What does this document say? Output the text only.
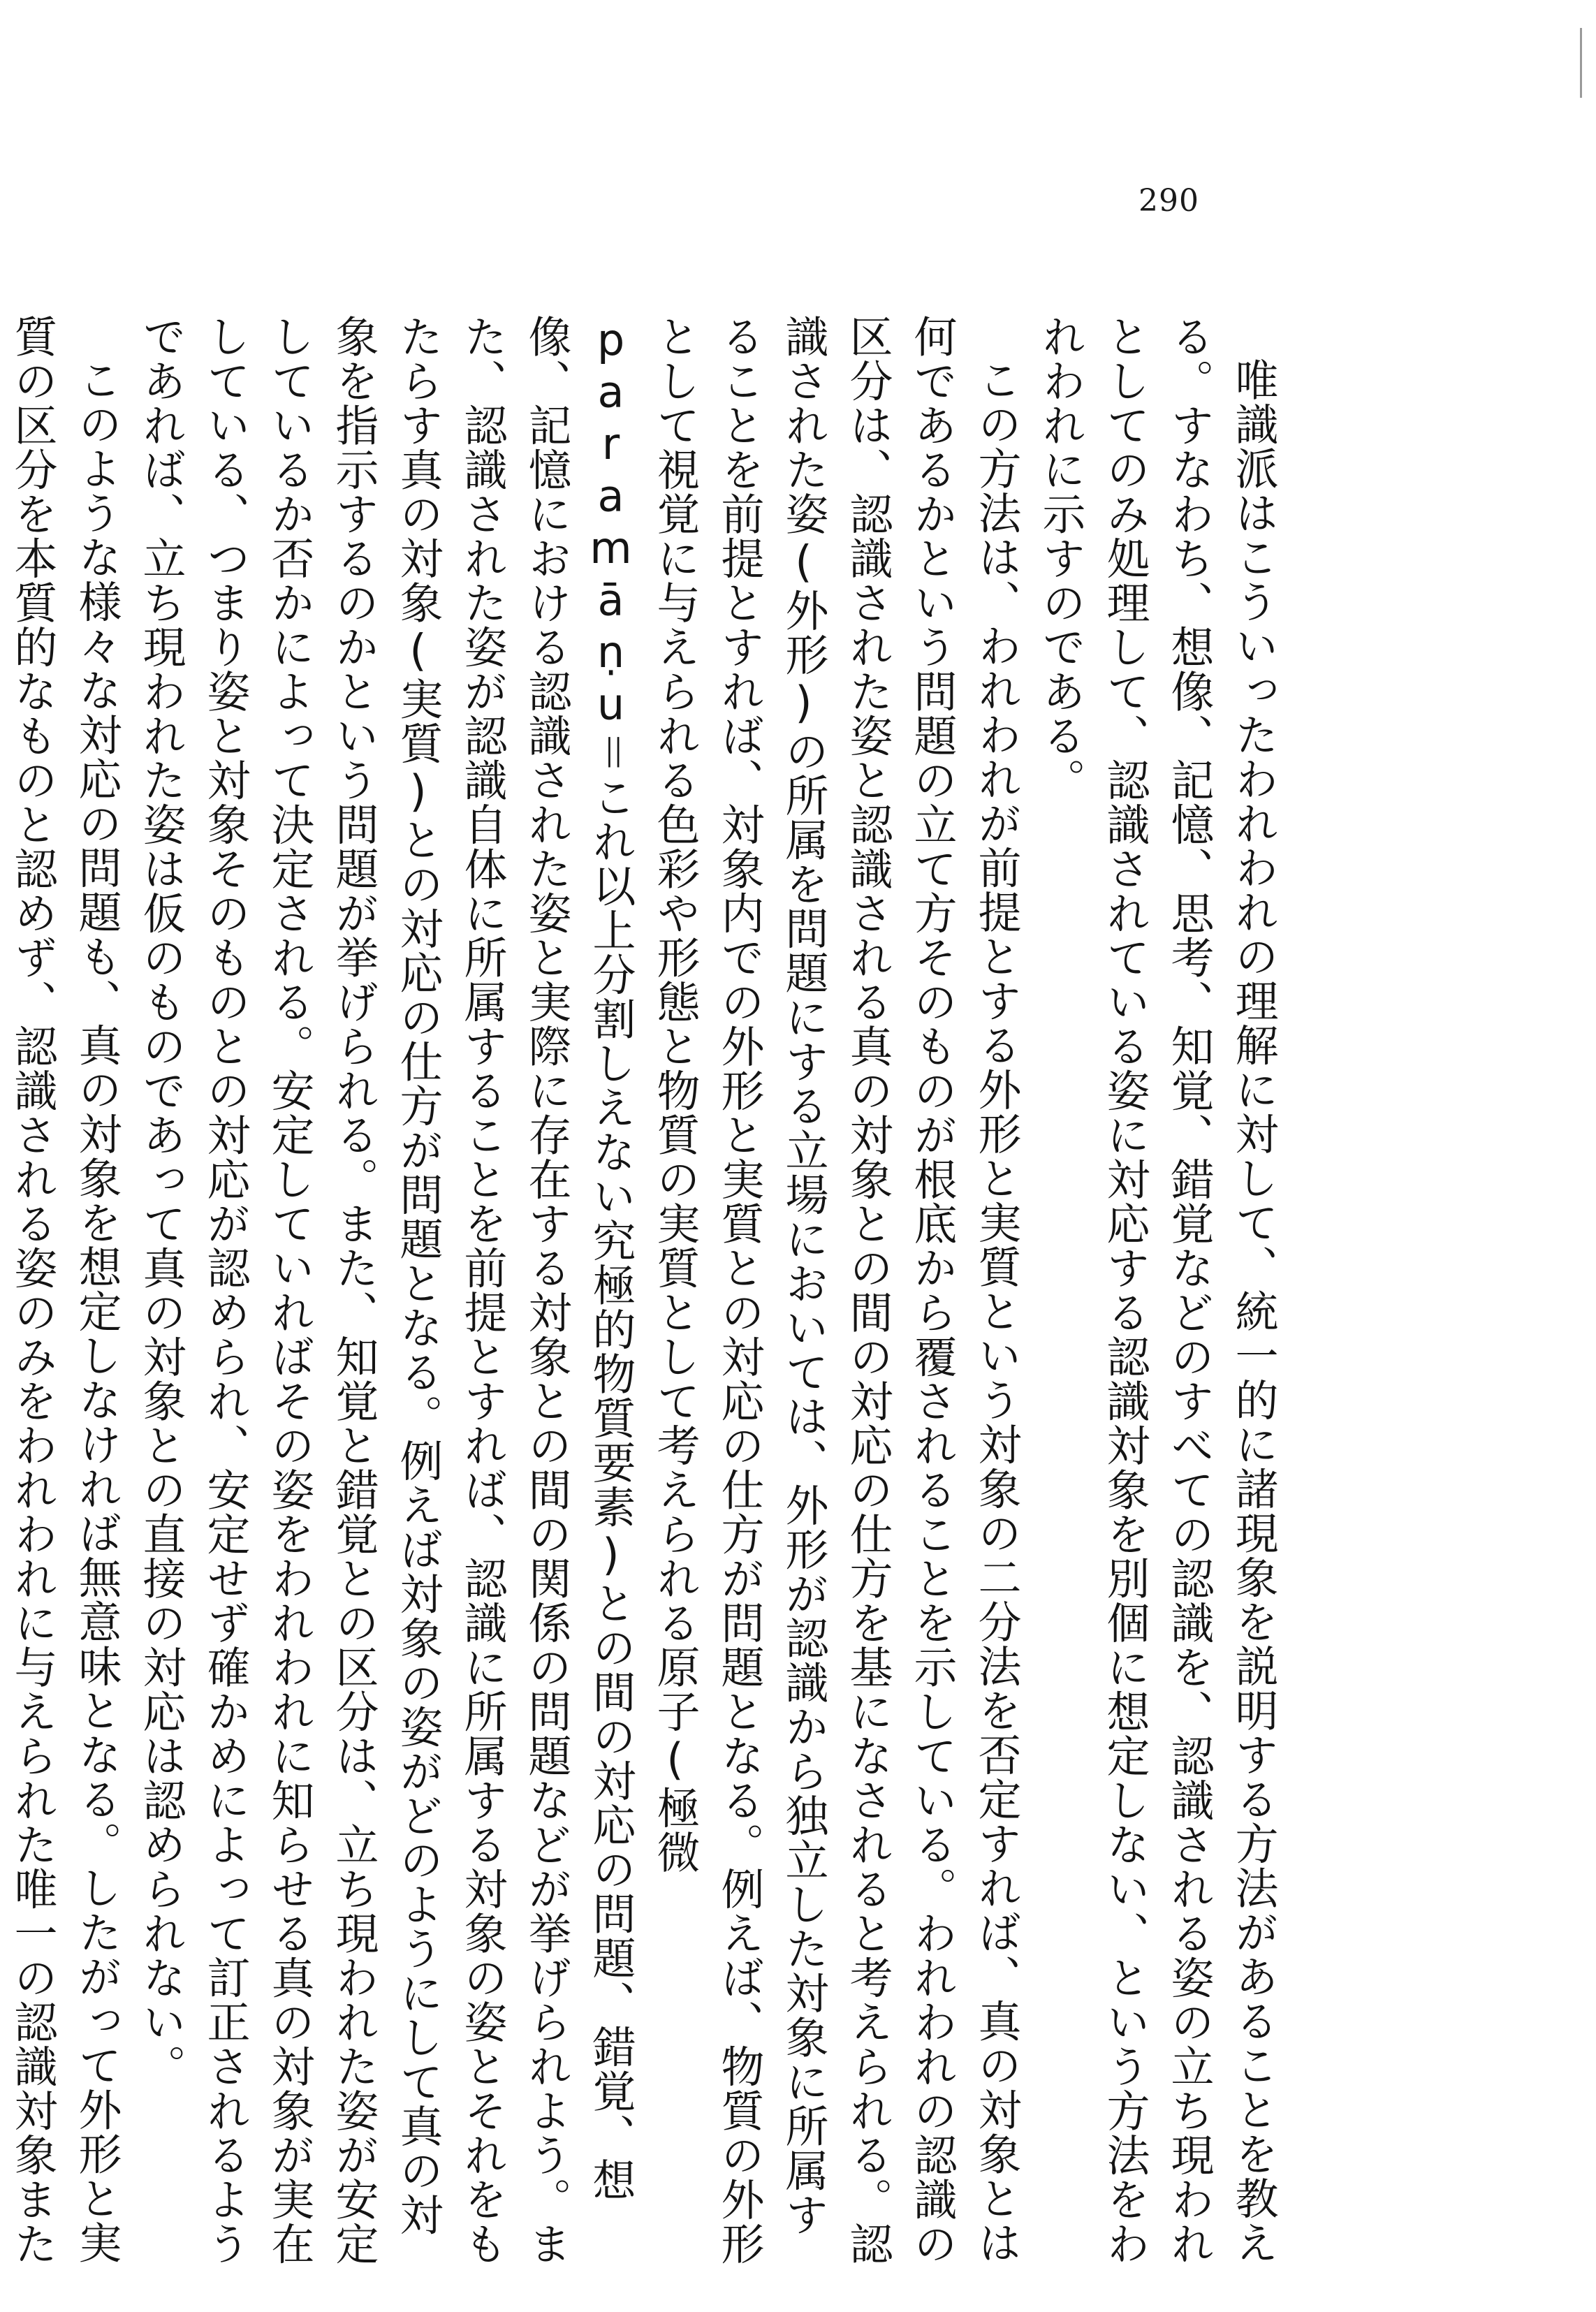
290

唯識派はこういったわれわれの理解に対して、統一的に諸現象を説明する方法があることを教える。すなわち、想像、記憶、思考、知覚、錯覚などのすべての認識を、認識される姿の立ち現われとしてのみ処理して、認識されている姿に対応する認識対象を別個に想定しない、という方法をわれわれに示すのである。

この方法は、われわれが前提とする外形と実質という対象の二分法を否定すれば、真の対象とは何であるかという問題の立て方そのものが根底から覆されることを示している。われわれの認識の区分は、認識された姿と認識される真の対象との間の対応の仕方を基になされると考えられる。認識された姿(外形)の所属を問題にする立場においては、外形が認識から独立した対象に所属することを前提とすれば、対象内での外形と実質との対応の仕方が問題となる。例えば、物質の外形として視覚に与えられる色彩や形態と物質の実質として考えられる原子(極微 paramāṇu＝これ以上分割しえない究極的物質要素)との間の対応の問題、錯覚、想像、記憶における認識された姿と実際に存在する対象との間の関係の問題などが挙げられよう。また、認識された姿が認識自体に所属することを前提とすれば、認識に所属する対象の姿とそれをもたらす真の対象(実質)との対応の仕方が問題となる。例えば対象の姿がどのようにして真の対象を指示するのかという問題が挙げられる。また、知覚と錯覚との区分は、立ち現われた姿が安定しているか否かによって決定される。安定していればその姿をわれわれに知らせる真の対象が実在している、つまり姿と対象そのものとの対応が認められ、安定せず確かめによって訂正されるようであれば、立ち現われた姿は仮のものであって真の対象との直接の対応は認められない。

このような様々な対応の問題も、真の対象を想定しなければ無意味となる。したがって外形と実質の区分を本質的なものと認めず、認識される姿のみをわれわれに与えられた唯一の認識対象また
